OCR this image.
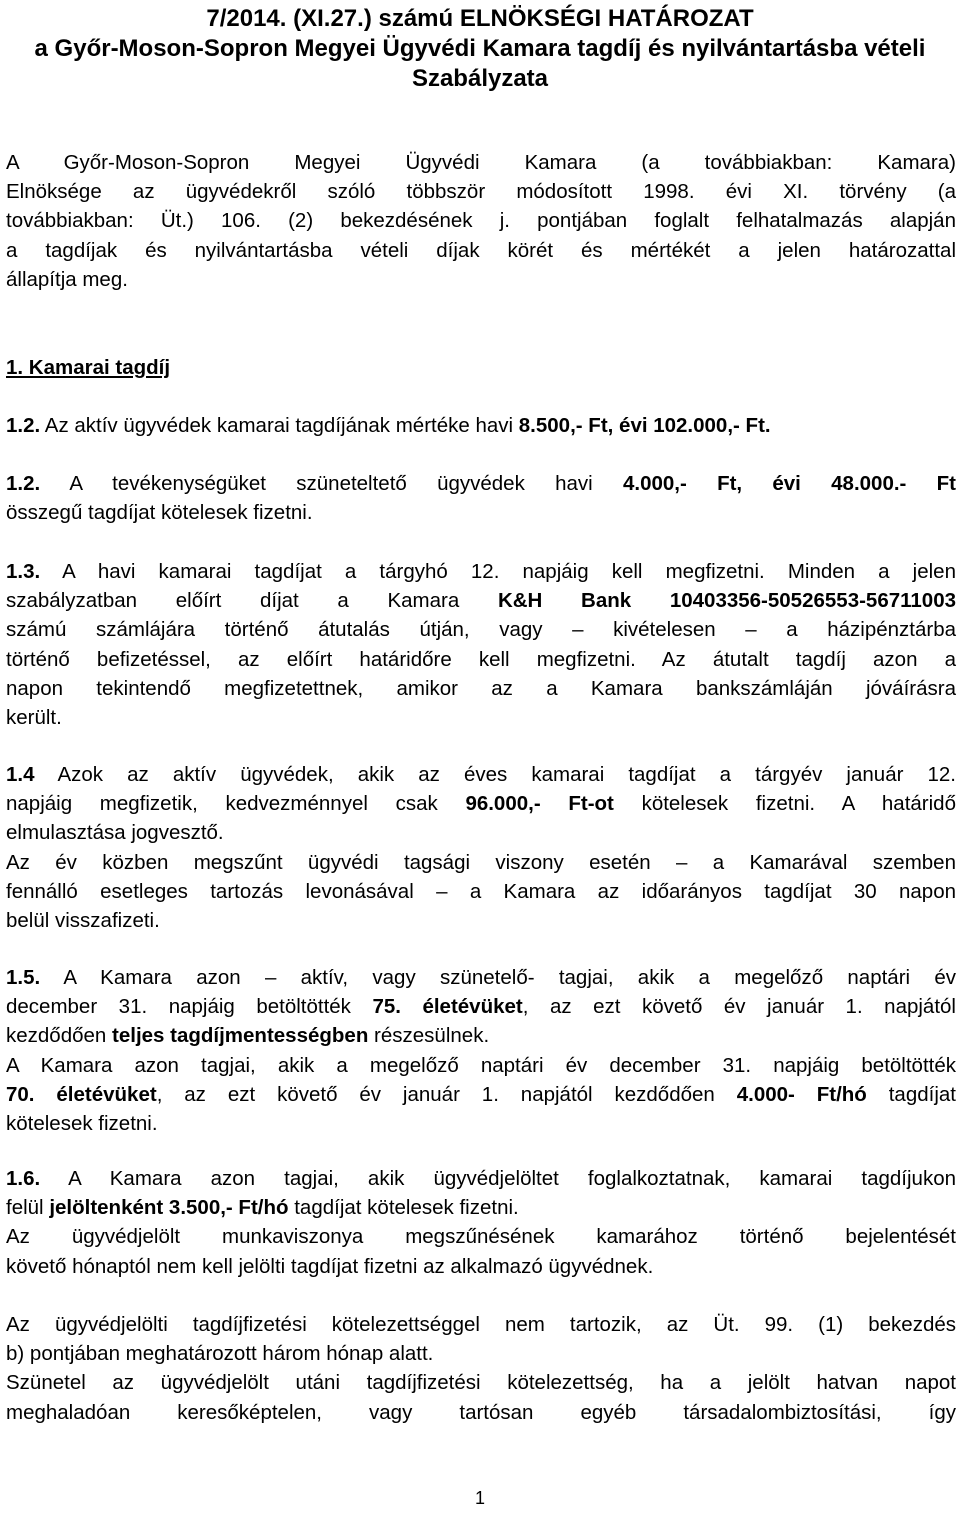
7/2014. (XI.27.) számú ELNÖKSÉGI HATÁROZAT
a Győr-Moson-Sopron Megyei Ügyvédi Kamara tagdíj és nyilvántartásba vételi
Szabályzata
A Győr-Moson-Sopron Megyei Ügyvédi Kamara (a továbbiakban: Kamara)
Elnöksége az ügyvédekről szóló többször módosított 1998. évi XI. törvény (a
továbbiakban: Üt.) 106. (2) bekezdésének j. pontjában foglalt felhatalmazás alapján
a tagdíjak és nyilvántartásba vételi díjak körét és mértékét a jelen határozattal
állapítja meg.
1. Kamarai tagdíj
1.2. Az aktív ügyvédek kamarai tagdíjának mértéke havi 8.500,- Ft, évi 102.000,- Ft.
1.2. A tevékenységüket szüneteltető ügyvédek havi 4.000,- Ft, évi 48.000.- Ft
összegű tagdíjat kötelesek fizetni.
1.3. A havi kamarai tagdíjat a tárgyhó 12. napjáig kell megfizetni. Minden a jelen
szabályzatban előírt díjat a Kamara K&H Bank 10403356-50526553-56711003
számú számlájára történő átutalás útján, vagy – kivételesen – a házipénztárba
történő befizetéssel, az előírt határidőre kell megfizetni. Az átutalt tagdíj azon a
napon tekintendő megfizetettnek, amikor az a Kamara bankszámláján jóváírásra
került.
1.4 Azok az aktív ügyvédek, akik az éves kamarai tagdíjat a tárgyév január 12.
napjáig megfizetik, kedvezménnyel csak 96.000,- Ft-ot kötelesek fizetni. A határidő
elmulasztása jogvesztő.
Az év közben megszűnt ügyvédi tagsági viszony esetén – a Kamarával szemben
fennálló esetleges tartozás levonásával – a Kamara az időarányos tagdíjat 30 napon
belül visszafizeti.
1.5. A Kamara azon – aktív, vagy szünetelő- tagjai, akik a megelőző naptári év
december 31. napjáig betöltötték 75. életévüket, az ezt követő év január 1. napjától
kezdődően teljes tagdíjmentességben részesülnek.
A Kamara azon tagjai, akik a megelőző naptári év december 31. napjáig betöltötték
70. életévüket, az ezt követő év január 1. napjától kezdődően 4.000- Ft/hó tagdíjat
kötelesek fizetni.
1.6. A Kamara azon tagjai, akik ügyvédjelöltet foglalkoztatnak, kamarai tagdíjukon
felül jelöltenként 3.500,- Ft/hó tagdíjat kötelesek fizetni.
Az ügyvédjelölt munkaviszonya megszűnésének kamarához történő bejelentését
követő hónaptól nem kell jelölti tagdíjat fizetni az alkalmazó ügyvédnek.
Az ügyvédjelölti tagdíjfizetési kötelezettséggel nem tartozik, az Üt. 99. (1) bekezdés
b) pontjában meghatározott három hónap alatt.
Szünetel az ügyvédjelölt utáni tagdíjfizetési kötelezettség, ha a jelölt hatvan napot
meghaladóan keresőképtelen, vagy tartósan egyéb társadalombiztosítási, így
1
